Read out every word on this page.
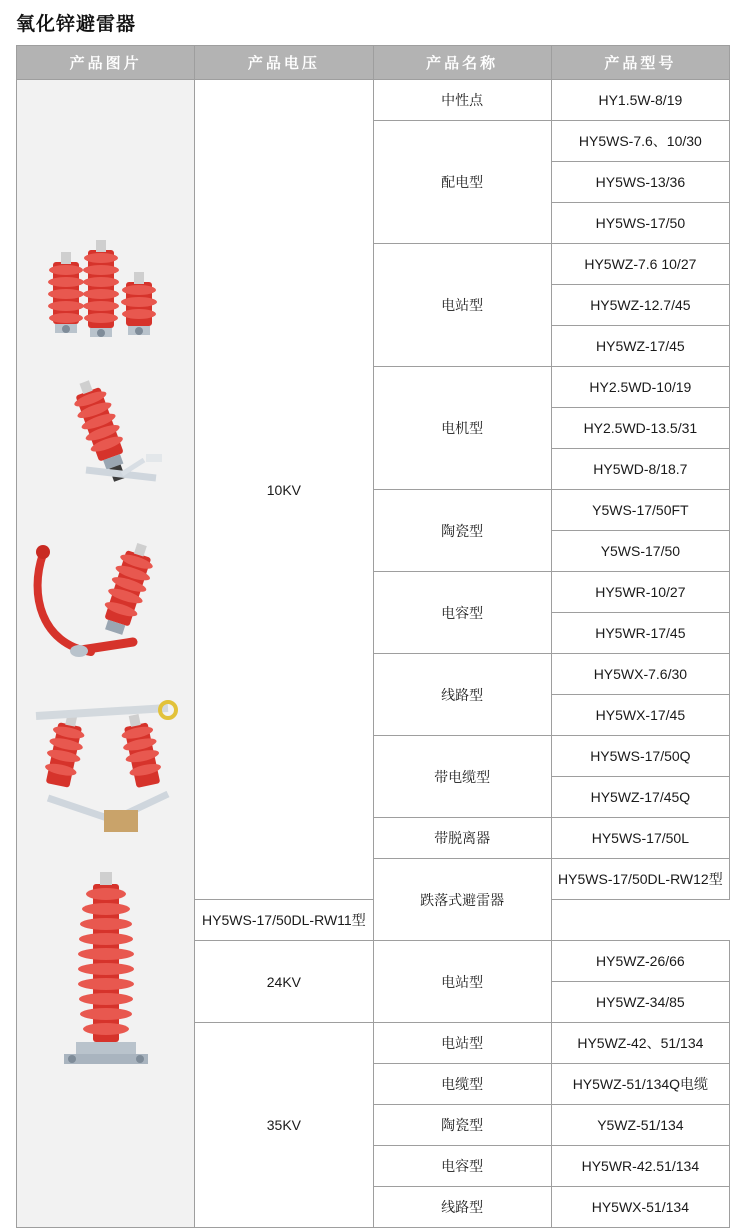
氧化锌避雷器
产品图片	产品电压	产品名称	产品型号

	10KV	中性点	HY1.5W-8/19
		配电型	HY5WS-7.6、10/30
			HY5WS-13/36
			HY5WS-17/50
		电站型	HY5WZ-7.6 10/27
			HY5WZ-12.7/45
			HY5WZ-17/45
		电机型	HY2.5WD-10/19
			HY2.5WD-13.5/31
			HY5WD-8/18.7
		陶瓷型	Y5WS-17/50FT
			Y5WS-17/50
		电容型	HY5WR-10/27
			HY5WR-17/45
		线路型	HY5WX-7.6/30
			HY5WX-17/45
		带电缆型	HY5WS-17/50Q
			HY5WZ-17/45Q
		带脱离器	HY5WS-17/50L
		跌落式避雷器	HY5WS-17/50DL-RW12型
	HY5WS-17/50DL-RW11型		
	24KV	电站型	HY5WZ-26/66
			HY5WZ-34/85
	35KV	电站型	HY5WZ-42、51/134
		电缆型	HY5WZ-51/134Q电缆
		陶瓷型	Y5WZ-51/134
		电容型	HY5WR-42.51/134
		线路型	HY5WX-51/134
